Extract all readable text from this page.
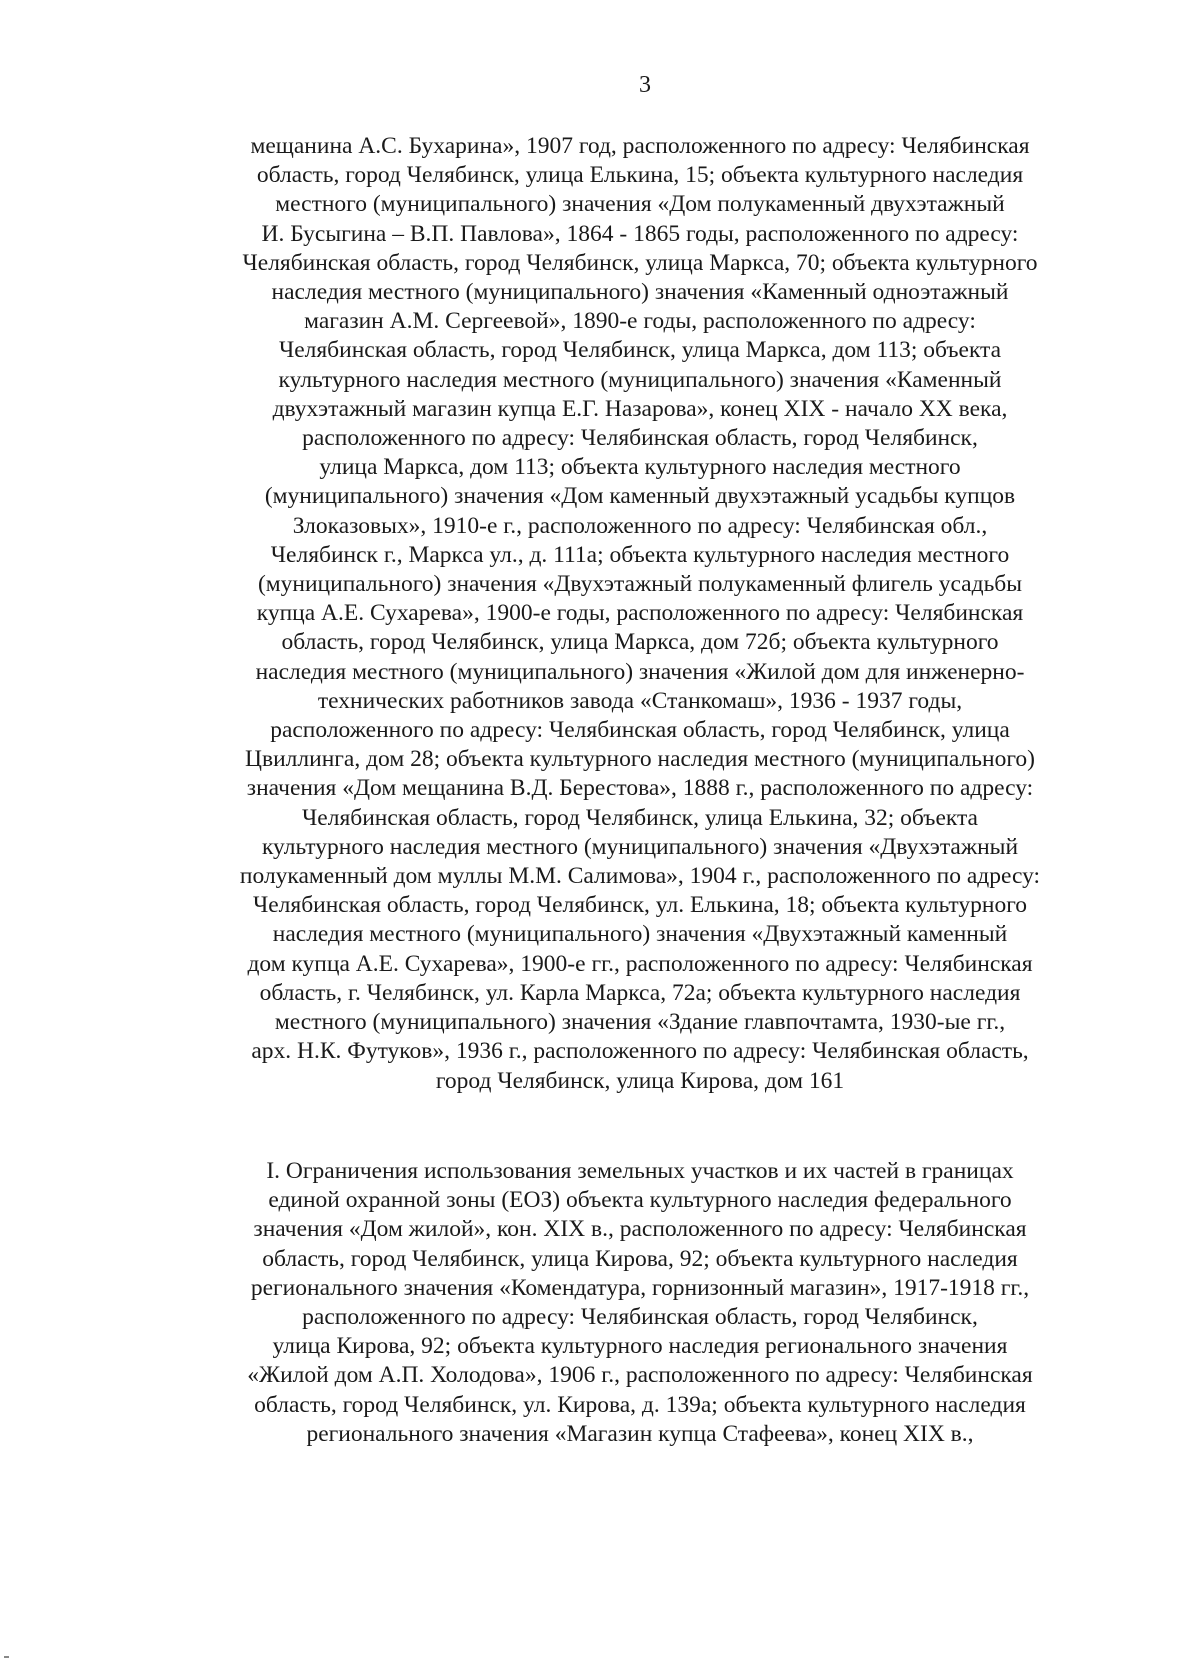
3
мещанина А.С. Бухарина», 1907 год, расположенного по адресу: Челябинская
область, город Челябинск, улица Елькина, 15; объекта культурного наследия
местного (муниципального) значения «Дом полукаменный двухэтажный
И. Бусыгина – В.П. Павлова», 1864 - 1865 годы, расположенного по адресу:
Челябинская область, город Челябинск, улица Маркса, 70; объекта культурного
наследия местного (муниципального) значения «Каменный одноэтажный
магазин А.М. Сергеевой», 1890-е годы, расположенного по адресу:
Челябинская область, город Челябинск, улица Маркса, дом 113; объекта
культурного наследия местного (муниципального) значения «Каменный
двухэтажный магазин купца Е.Г. Назарова», конец XIX - начало XX века,
расположенного по адресу: Челябинская область, город Челябинск,
улица Маркса, дом 113; объекта культурного наследия местного
(муниципального) значения «Дом каменный двухэтажный усадьбы купцов
Злоказовых», 1910-е г., расположенного по адресу: Челябинская обл.,
Челябинск г., Маркса ул., д. 111а; объекта культурного наследия местного
(муниципального) значения «Двухэтажный полукаменный флигель усадьбы
купца А.Е. Сухарева», 1900-е годы, расположенного по адресу: Челябинская
область, город Челябинск, улица Маркса, дом 72б; объекта культурного
наследия местного (муниципального) значения «Жилой дом для инженерно-
технических работников завода «Станкомаш», 1936 - 1937 годы,
расположенного по адресу: Челябинская область, город Челябинск, улица
Цвиллинга, дом 28; объекта культурного наследия местного (муниципального)
значения «Дом мещанина В.Д. Берестова», 1888 г., расположенного по адресу:
Челябинская область, город Челябинск, улица Елькина, 32; объекта
культурного наследия местного (муниципального) значения «Двухэтажный
полукаменный дом муллы М.М. Салимова», 1904 г., расположенного по адресу:
Челябинская область, город Челябинск, ул. Елькина, 18; объекта культурного
наследия местного (муниципального) значения «Двухэтажный каменный
дом купца А.Е. Сухарева», 1900-е гг., расположенного по адресу: Челябинская
область, г. Челябинск, ул. Карла Маркса, 72а; объекта культурного наследия
местного (муниципального) значения «Здание главпочтамта, 1930-ые гг.,
арх. Н.К. Футуков», 1936 г., расположенного по адресу: Челябинская область,
город Челябинск, улица Кирова, дом 161
I. Ограничения использования земельных участков и их частей в границах
единой охранной зоны (ЕОЗ) объекта культурного наследия федерального
значения «Дом жилой», кон. XIX в., расположенного по адресу: Челябинская
область, город Челябинск, улица Кирова, 92; объекта культурного наследия
регионального значения «Комендатура, горнизонный магазин», 1917-1918 гг.,
расположенного по адресу: Челябинская область, город Челябинск,
улица Кирова, 92; объекта культурного наследия регионального значения
«Жилой дом А.П. Холодова», 1906 г., расположенного по адресу: Челябинская
область, город Челябинск, ул. Кирова, д. 139а; объекта культурного наследия
регионального значения «Магазин купца Стафеева», конец XIX в.,
